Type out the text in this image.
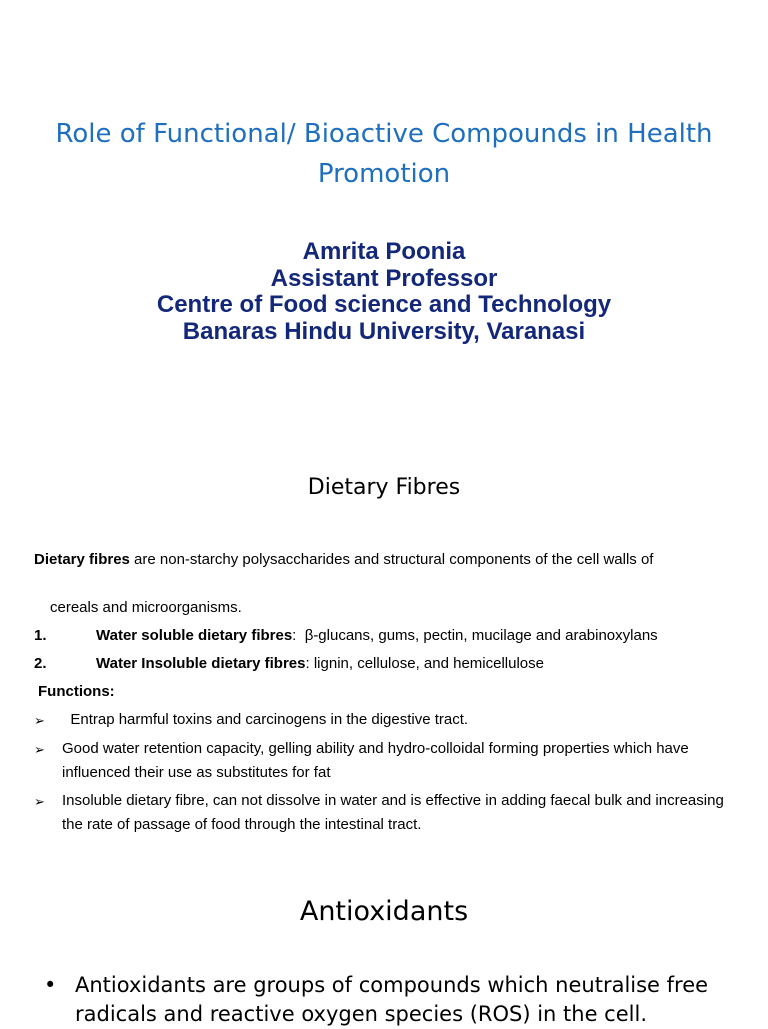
Role of Functional/ Bioactive Compounds in Health Promotion
Amrita Poonia
Assistant Professor
Centre of Food science and Technology
Banaras Hindu University, Varanasi
Dietary Fibres
Dietary fibres are non-starchy polysaccharides and structural components of the cell walls of
cereals and microorganisms.
1.	Water soluble dietary fibres:  β-glucans, gums, pectin, mucilage and arabinoxylans
2.	Water Insoluble dietary fibres: lignin, cellulose, and hemicellulose
Functions:
➢	Entrap harmful toxins and carcinogens in the digestive tract.
➢	Good water retention capacity, gelling ability and hydro-colloidal forming properties which have influenced their use as substitutes for fat
➢	Insoluble dietary fibre, can not dissolve in water and is effective in adding faecal bulk and increasing the rate of passage of food through the intestinal tract.
Antioxidants
• Antioxidants are groups of compounds which neutralise free radicals and reactive oxygen species (ROS) in the cell.
